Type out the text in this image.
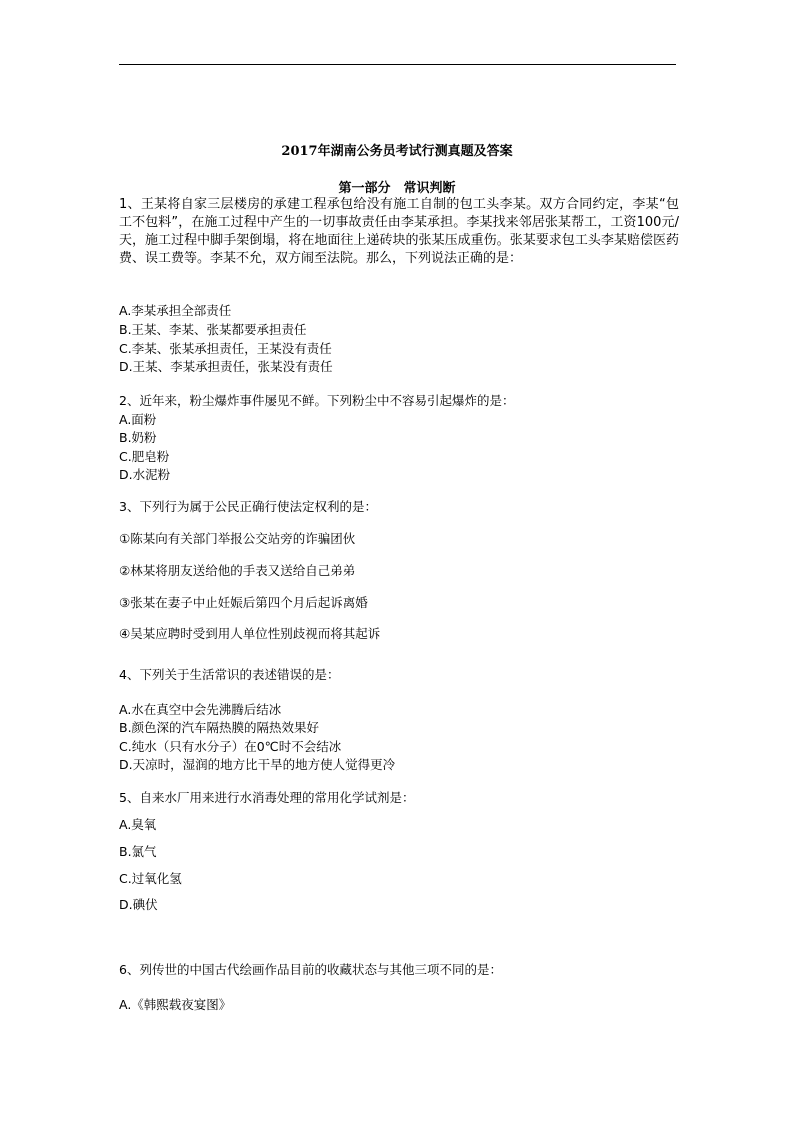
2017年湖南公务员考试行测真题及答案
第一部分　常识判断
1、王某将自家三层楼房的承建工程承包给没有施工自制的包工头李某。双方合同约定，李某“包工不包料”，在施工过程中产生的一切事故责任由李某承担。李某找来邻居张某帮工，工资100元/天，施工过程中脚手架倒塌，将在地面往上递砖块的张某压成重伤。张某要求包工头李某赔偿医药费、误工费等。李某不允，双方闹至法院。那么，下列说法正确的是：
A.李某承担全部责任
B.王某、李某、张某都要承担责任
C.李某、张某承担责任，王某没有责任
D.王某、李某承担责任，张某没有责任
2、近年来，粉尘爆炸事件屡见不鲜。下列粉尘中不容易引起爆炸的是：
A.面粉
B.奶粉
C.肥皂粉
D.水泥粉
3、下列行为属于公民正确行使法定权利的是：
①陈某向有关部门举报公交站旁的诈骗团伙
②林某将朋友送给他的手表又送给自己弟弟
③张某在妻子中止妊娠后第四个月后起诉离婚
④吴某应聘时受到用人单位性别歧视而将其起诉
4、下列关于生活常识的表述错误的是：
A.水在真空中会先沸腾后结冰
B.颜色深的汽车隔热膜的隔热效果好
C.纯水（只有水分子）在0℃时不会结冰
D.天凉时，湿润的地方比干旱的地方使人觉得更冷
5、自来水厂用来进行水消毒处理的常用化学试剂是：
A.臭氧
B.氯气
C.过氧化氢
D.碘伏
6、列传世的中国古代绘画作品目前的收藏状态与其他三项不同的是：
A.《韩熙载夜宴图》
